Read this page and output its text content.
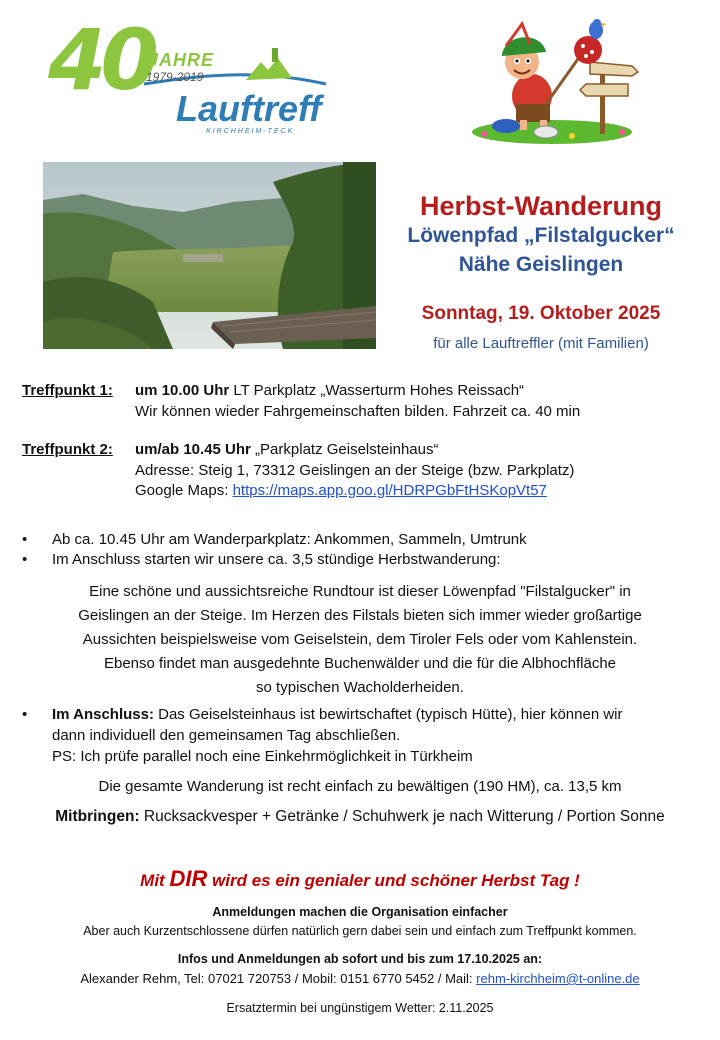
40
JAHRE
1979-2019
Lauftreff
KIRCHHEIM-TECK
Herbst-Wanderung
Löwenpfad „Filstalgucker“
Nähe Geislingen
Sonntag, 19. Oktober 2025
für alle Lauftreffler (mit Familien)
Treffpunkt 1:	um 10.00 Uhr LT Parkplatz „Wasserturm Hohes Reissach“
Wir können wieder Fahrgemeinschaften bilden. Fahrzeit ca. 40 min
Treffpunkt 2:	um/ab 10.45 Uhr „Parkplatz Geiselsteinhaus“
Adresse: Steig 1, 73312 Geislingen an der Steige (bzw. Parkplatz)
Google Maps: https://maps.app.goo.gl/HDRPGbFtHSKopVt57
• Ab ca. 10.45 Uhr am Wanderparkplatz: Ankommen, Sammeln, Umtrunk
• Im Anschluss starten wir unsere ca. 3,5 stündige Herbstwanderung:
Eine schöne und aussichtsreiche Rundtour ist dieser Löwenpfad "Filstalgucker" in
Geislingen an der Steige. Im Herzen des Filstals bieten sich immer wieder großartige
Aussichten beispielsweise vom Geiselstein, dem Tiroler Fels oder vom Kahlenstein.
Ebenso findet man ausgedehnte Buchenwälder und die für die Albhochfläche
so typischen Wacholderheiden.
• Im Anschluss: Das Geiselsteinhaus ist bewirtschaftet (typisch Hütte), hier können wir
dann individuell den gemeinsamen Tag abschließen.
PS: Ich prüfe parallel noch eine Einkehrmöglichkeit in Türkheim
Die gesamte Wanderung ist recht einfach zu bewältigen (190 HM), ca. 13,5 km
Mitbringen: Rucksackvesper + Getränke / Schuhwerk je nach Witterung / Portion Sonne
Mit DIR wird es ein genialer und schöner Herbst Tag !
Anmeldungen machen die Organisation einfacher
Aber auch Kurzentschlossene dürfen natürlich gern dabei sein und einfach zum Treffpunkt kommen.
Infos und Anmeldungen ab sofort und bis zum 17.10.2025 an:
Alexander Rehm, Tel: 07021 720753 / Mobil: 0151 6770 5452 / Mail: rehm-kirchheim@t-online.de
Ersatztermin bei ungünstigem Wetter: 2.11.2025
